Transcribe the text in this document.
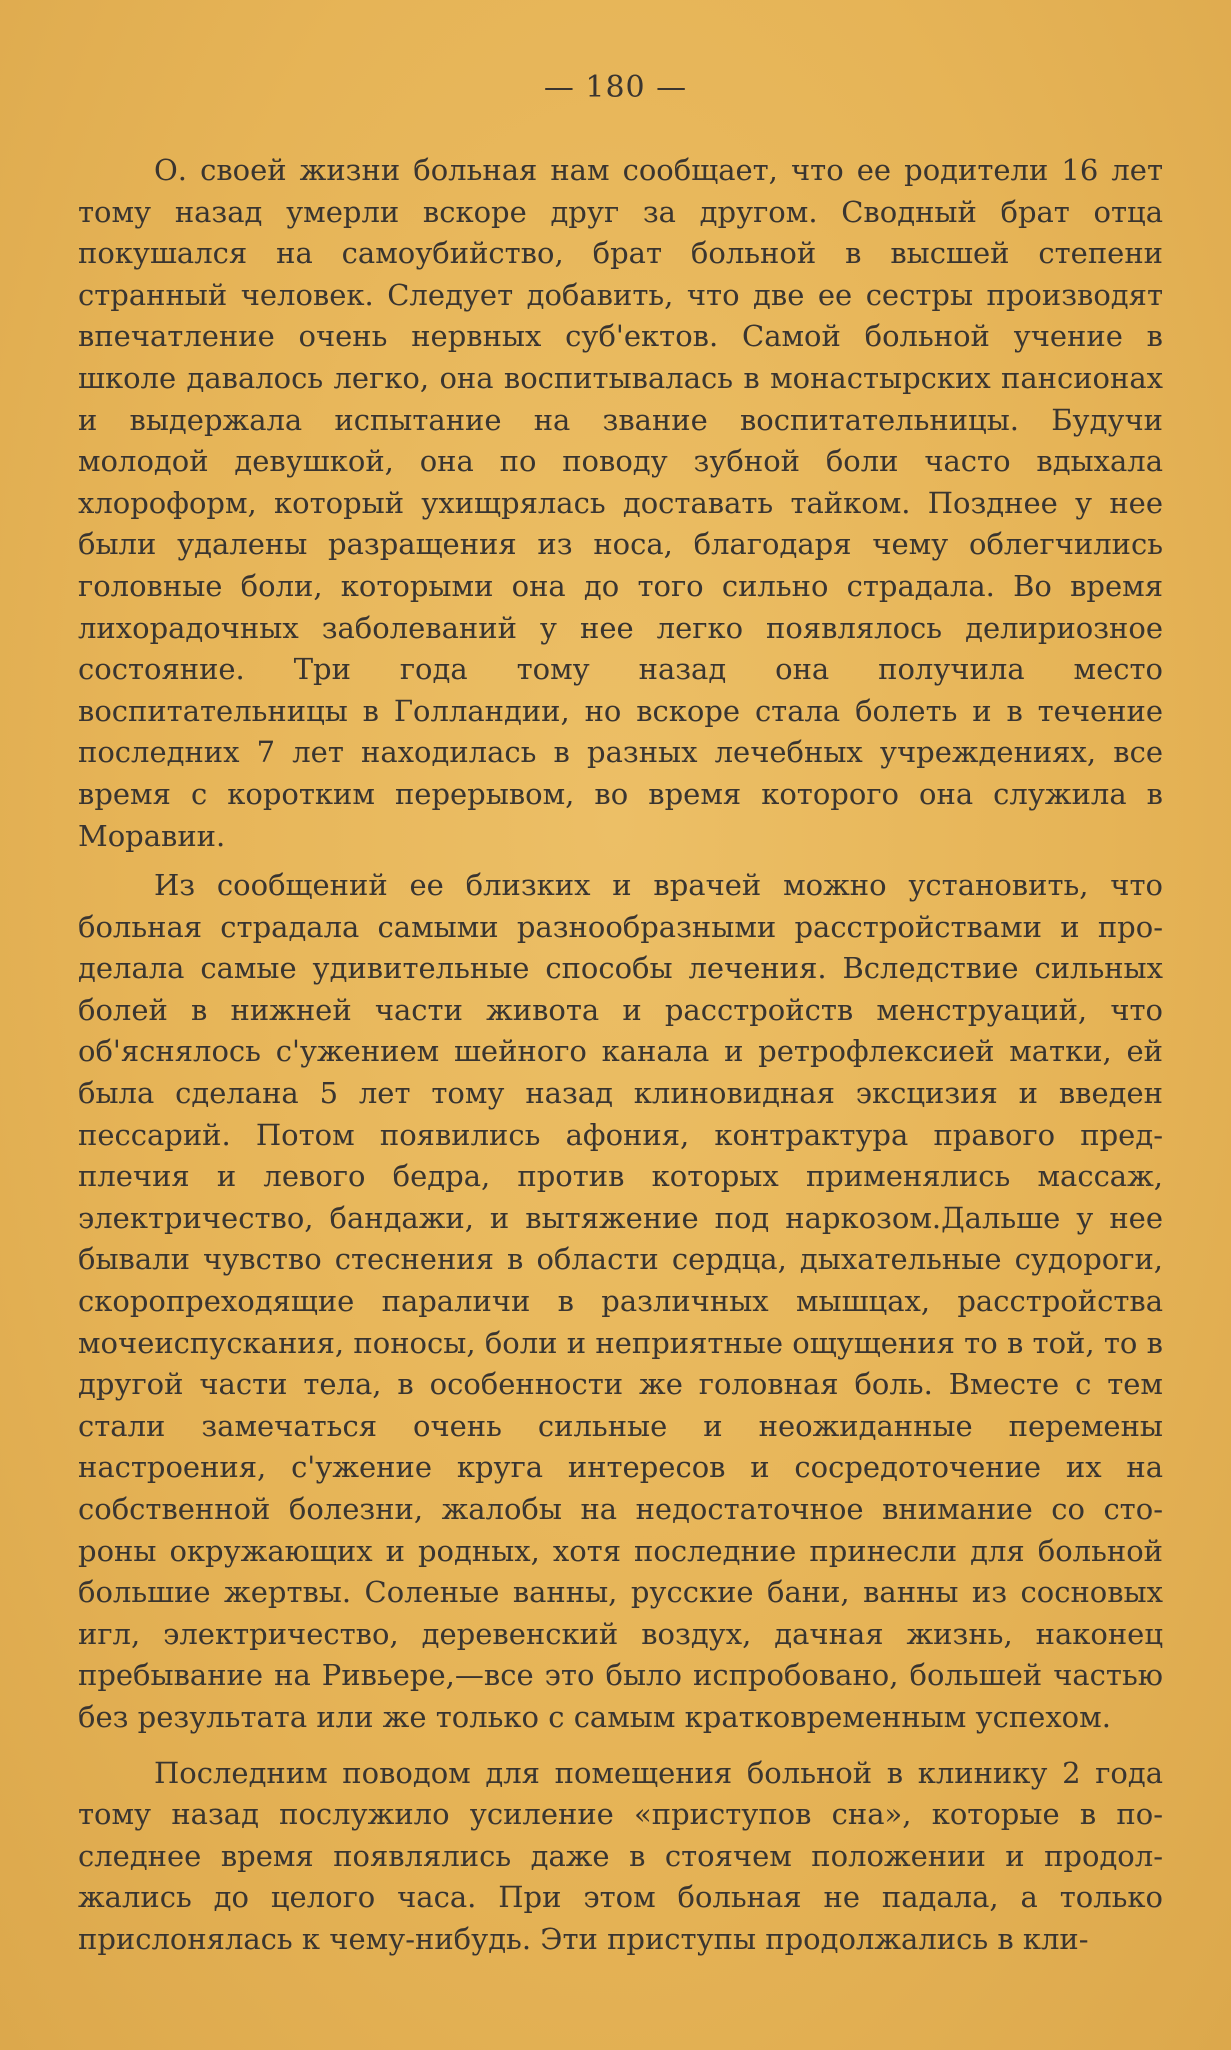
— 180 —

О. своей жизни больная нам сообщает, что ее родители 16 лет тому назад умерли вскоре друг за другом. Сводный брат отца покушался на самоубийство, брат больной в высшей степени странный человек. Следует добавить, что две ее сестры производят впечатление очень нервных суб'ектов. Самой больной учение в школе давалось легко, она воспитывалась в монастырских пансионах и выдержала испытание на звание воспитательницы. Будучи молодой девушкой, она по поводу зубной боли часто вдыхала хлороформ, который ухищрялась доставать тайком. Позднее у нее были удалены разращения из носа, благодаря чему облегчились головные боли, которыми она до того сильно страдала. Во время лихорадочных заболеваний у нее легко появлялось делириозное состояние. Три года тому назад она получила место воспитательницы в Голландии, но вскоре стала болеть и в течение последних 7 лет находилась в разных лечебных учреждениях, все время с коротким перерывом, во время которого она служила в Моравии.

Из сообщений ее близких и врачей можно установить, что больная страдала самыми разнообразными расстройствами и проделала самые удивительные способы лечения. Вследствие сильных болей в нижней части живота и расстройств менструаций, что об'яснялось с'ужением шейного канала и ретрофлексией матки, ей была сделана 5 лет тому назад клиновидная эксцизия и введен пессарий. Потом появились афония, контрактура правого предплечия и левого бедра, против которых применялись массаж, электричество, бандажи, и вытяжение под наркозом.Дальше у нее бывали чувство стеснения в области сердца, дыхательные судороги, скоропреходящие параличи в различных мышцах, расстройства мочеиспускания, поносы, боли и неприятные ощущения то в той, то в другой части тела, в особенности же головная боль. Вместе с тем стали замечаться очень сильные и неожиданные перемены настроения, с'ужение круга интересов и сосредоточение их на собственной болезни, жалобы на недостаточное внимание со стороны окружающих и родных, хотя последние принесли для больной большие жертвы. Соленые ванны, русские бани, ванны из сосновых игл, электричество, деревенский воздух, дачная жизнь, наконец пребывание на Ривьере,—все это было испробовано, большей частью без результата или же только с самым кратковременным успехом.

Последним поводом для помещения больной в клинику 2 года тому назад послужило усиление «приступов сна», которые в последнее время появлялись даже в стоячем положении и продолжались до целого часа. При этом больная не падала, а только прислонялась к чему-нибудь. Эти приступы продолжались в кли-
